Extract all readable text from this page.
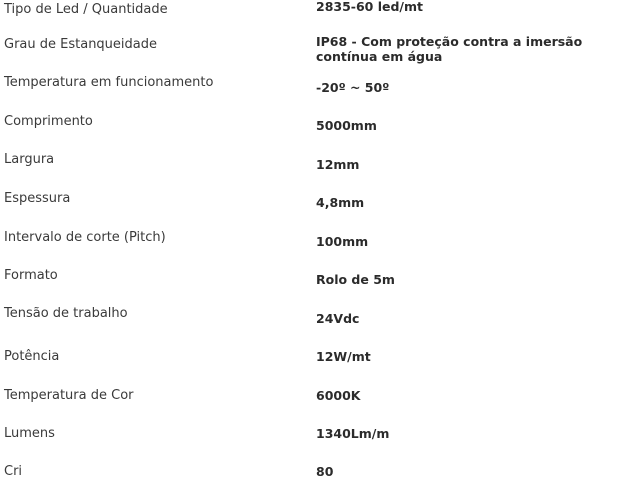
Tipo de Led / Quantidade	2835-60 led/mt
Grau de Estanqueidade	IP68 - Com proteção contra a imersão contínua em água
Temperatura em funcionamento	-20º ~ 50º
Comprimento	5000mm
Largura	12mm
Espessura	4,8mm
Intervalo de corte (Pitch)	100mm
Formato	Rolo de 5m
Tensão de trabalho	24Vdc
Potência	12W/mt
Temperatura de Cor	6000K
Lumens	1340Lm/m
Cri	80
